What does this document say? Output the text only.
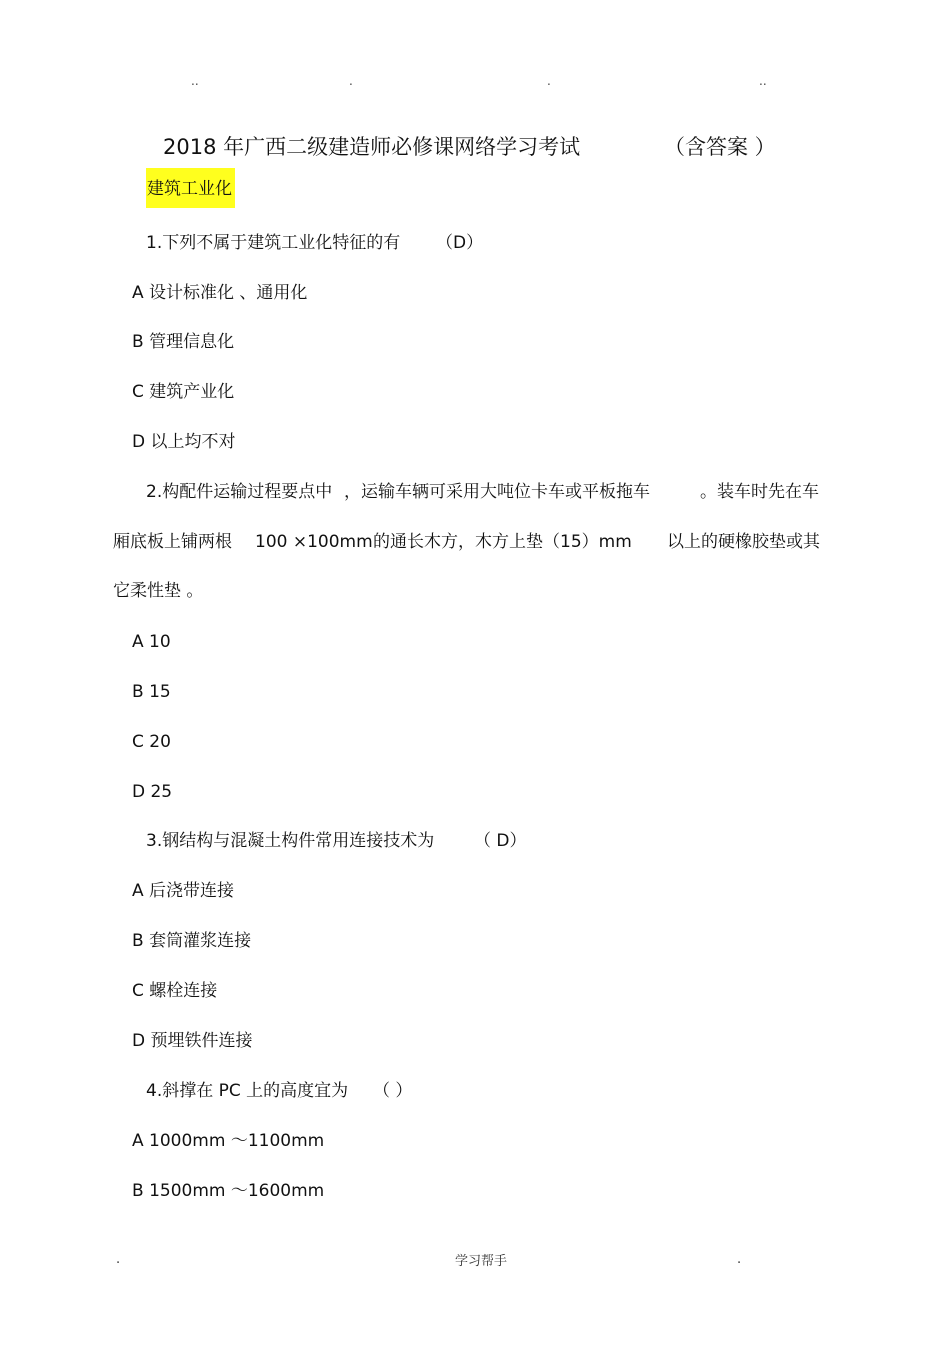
..	.	.	..
2018 年广西二级建造师必修课网络学习考试	（含答案 ）
建筑工业化
1.下列不属于建筑工业化特征的有 （D）
A 设计标准化 、通用化
B 管理信息化
C 建筑产业化
D 以上均不对
2.构配件运输过程要点中 ，运输车辆可采用大吨位卡车或平板拖车	。装车时先在车
厢底板上铺两根 100 ×100mm 的通长木方，木方上垫（15）mm 以上的硬橡胶垫或其
它柔性垫 。
A 10
B 15
C 20
D 25
3.钢结构与混凝土构件常用连接技术为 （ D）
A 后浇带连接
B 套筒灌浆连接
C 螺栓连接
D 预埋铁件连接
4.斜撑在 PC 上的高度宜为 （ ）
A 1000mm ～1100mm
B 1500mm ～1600mm
.	学习帮手	.
